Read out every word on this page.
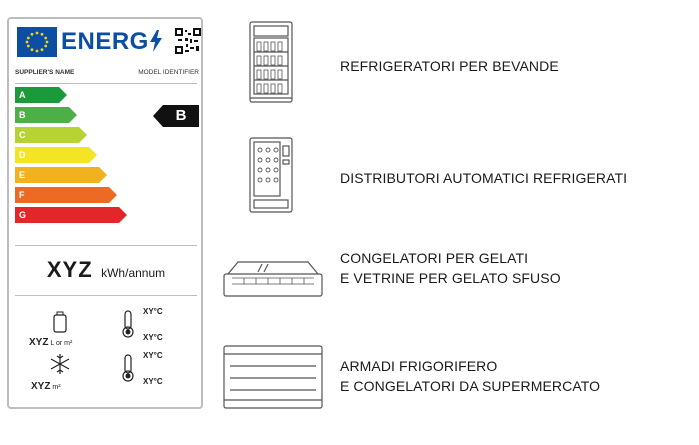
ENERG
SUPPLIER'S NAME	MODEL IDENTIFIER
A
B
C
D
E
F
G
B
XYZ kWh/annum
XYZ L or m²
XY°C
XY°C
XYZ m²
XY°C
XY°C
REFRIGERATORI PER BEVANDE
DISTRIBUTORI AUTOMATICI REFRIGERATI
CONGELATORI PER GELATI
E VETRINE PER GELATO SFUSO
ARMADI FRIGORIFERO
E CONGELATORI DA SUPERMERCATO
